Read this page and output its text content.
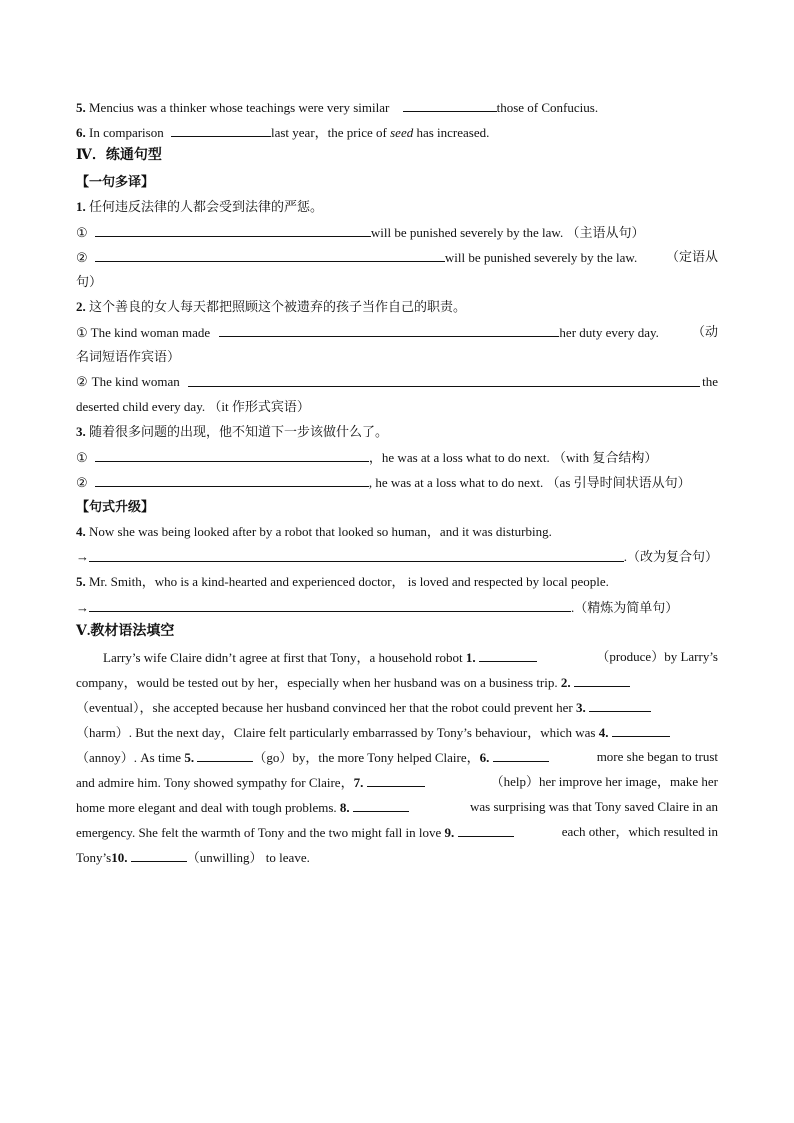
5. Mencius was a thinker whose teachings were very similar	those of Confucius.
6. In comparison	last year，the price of seed has increased.
Ⅳ．练通句型
【一句多译】
1. 任何违反法律的人都会受到法律的严惩。
①	will be punished severely by the law. （主语从句）
②	will be punished severely by the law. （定语从
句）
2. 这个善良的女人每天都把照顾这个被遗弃的孩子当作自己的职责。
① The kind woman made	her duty every day.	（动
名词短语作宾语）
② The kind woman	the
deserted child every day. （it 作形式宾语）
3. 随着很多问题的出现，他不知道下一步该做什么了。
①	，he was at a loss what to do next. （with 复合结构）
②	, he was at a loss what to do next. （as 引导时间状语从句）
【句式升级】
4. Now she was being looked after by a robot that looked so human，and it was disturbing.
→	.（改为复合句）
5. Mr. Smith，who is a kind-hearted and experienced doctor， is loved and respected by local people.
→	.（精炼为简单句）
Ⅴ.教材语法填空
Larry’s wife Claire didn’t agree at first that Tony，a household robot 1.	（produce）by Larry’s
company，would be tested out by her，especially when her husband was on a business trip. 2.
（eventual），she accepted because her husband convinced her that the robot could prevent her 3.
（harm）. But the next day，Claire felt particularly embarrassed by Tony’s behaviour，which was 4.
（annoy）. As time 5.	（go）by，the more Tony helped Claire，6.	more she began to trust
and admire him. Tony showed sympathy for Claire，7.	（help）her improve her image，make her
home more elegant and deal with tough problems. 8.	was surprising was that Tony saved Claire in an
emergency. She felt the warmth of Tony and the two might fall in love 9.	each other，which resulted in
Tony’s10.	（unwilling） to leave.
